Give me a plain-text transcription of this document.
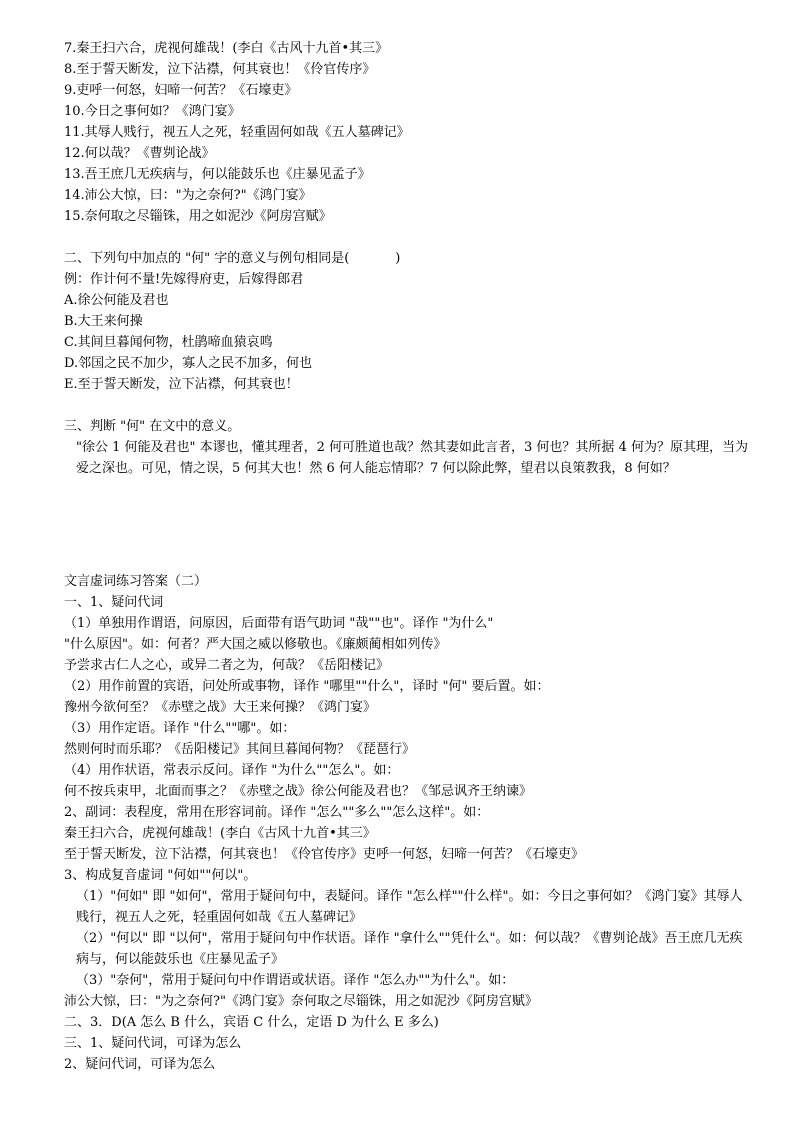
7.秦王扫六合，虎视何雄哉！(李白《古风十九首•其三》
8.至于誓天断发，泣下沾襟，何其衰也！《伶官传序》
9.吏呼一何怒，妇啼一何苦？《石壕吏》
10.今日之事何如？《鸿门宴》
11.其辱人贱行，视五人之死，轻重固何如哉《五人墓碑记》
12.何以哉？《曹刿论战》
13.吾王庶几无疾病与，何以能鼓乐也《庄暴见孟子》
14.沛公大惊，曰："为之奈何?"《鸿门宴》
15.奈何取之尽锱铢，用之如泥沙《阿房宫赋》
二、下列句中加点的 "何" 字的意义与例句相同是(	)
例：作计何不量!先嫁得府吏，后嫁得郎君
A.徐公何能及君也
B.大王来何操
C.其间旦暮闻何物，杜鹃啼血猿哀鸣
D.邻国之民不加少，寡人之民不加多，何也
E.至于誓天断发，泣下沾襟，何其衰也！
三、判断 "何" 在文中的意义。
"徐公 1 何能及君也" 本谬也，懂其理者，2 何可胜道也哉？然其妻如此言者，3 何也？其所据 4 何为？原其理，当为爱之深也。可见，情之误，5 何其大也！然 6 何人能忘情耶？7 何以除此弊，望君以良策教我，8 何如？
文言虚词练习答案（二）
一、1、疑问代词
（1）单独用作谓语，问原因，后面带有语气助词 "哉""也"。译作 "为什么"
"什么原因"。如：何者？严大国之威以修敬也。《廉颇蔺相如列传》
予尝求古仁人之心，或异二者之为，何哉？《岳阳楼记》
（2）用作前置的宾语，问处所或事物，译作 "哪里""什么"，译时 "何" 要后置。如：
豫州今欲何至？《赤壁之战》大王来何操？《鸿门宴》
（3）用作定语。译作 "什么""哪"。如：
然则何时而乐耶？《岳阳楼记》其间旦暮闻何物？《琵琶行》
（4）用作状语，常表示反问。译作 "为什么""怎么"。如：
何不按兵束甲，北面而事之？《赤壁之战》徐公何能及君也？《邹忌讽齐王纳谏》
2、副词：表程度，常用在形容词前。译作 "怎么""多么""怎么这样"。如：
秦王扫六合，虎视何雄哉！(李白《古风十九首•其三》
至于誓天断发，泣下沾襟，何其衰也！《伶官传序》吏呼一何怒，妇啼一何苦？《石壕吏》
3、构成复音虚词 "何如""何以"。
（1）"何如" 即 "如何"，常用于疑问句中，表疑问。译作 "怎么样""什么样"。如：今日之事何如？《鸿门宴》其辱人贱行，视五人之死，轻重固何如哉《五人墓碑记》
（2）"何以" 即 "以何"，常用于疑问句中作状语。译作 "拿什么""凭什么"。如：何以哉？《曹刿论战》吾王庶几无疾病与，何以能鼓乐也《庄暴见孟子》
（3）"奈何"，常用于疑问句中作谓语或状语。译作 "怎么办""为什么"。如：
沛公大惊，曰："为之奈何?"《鸿门宴》奈何取之尽锱铢，用之如泥沙《阿房宫赋》
二、3．D(A 怎么 B 什么，宾语 C 什么，定语 D 为什么 E 多么)
三、1、疑问代词，可译为怎么
2、疑问代词，可译为怎么
